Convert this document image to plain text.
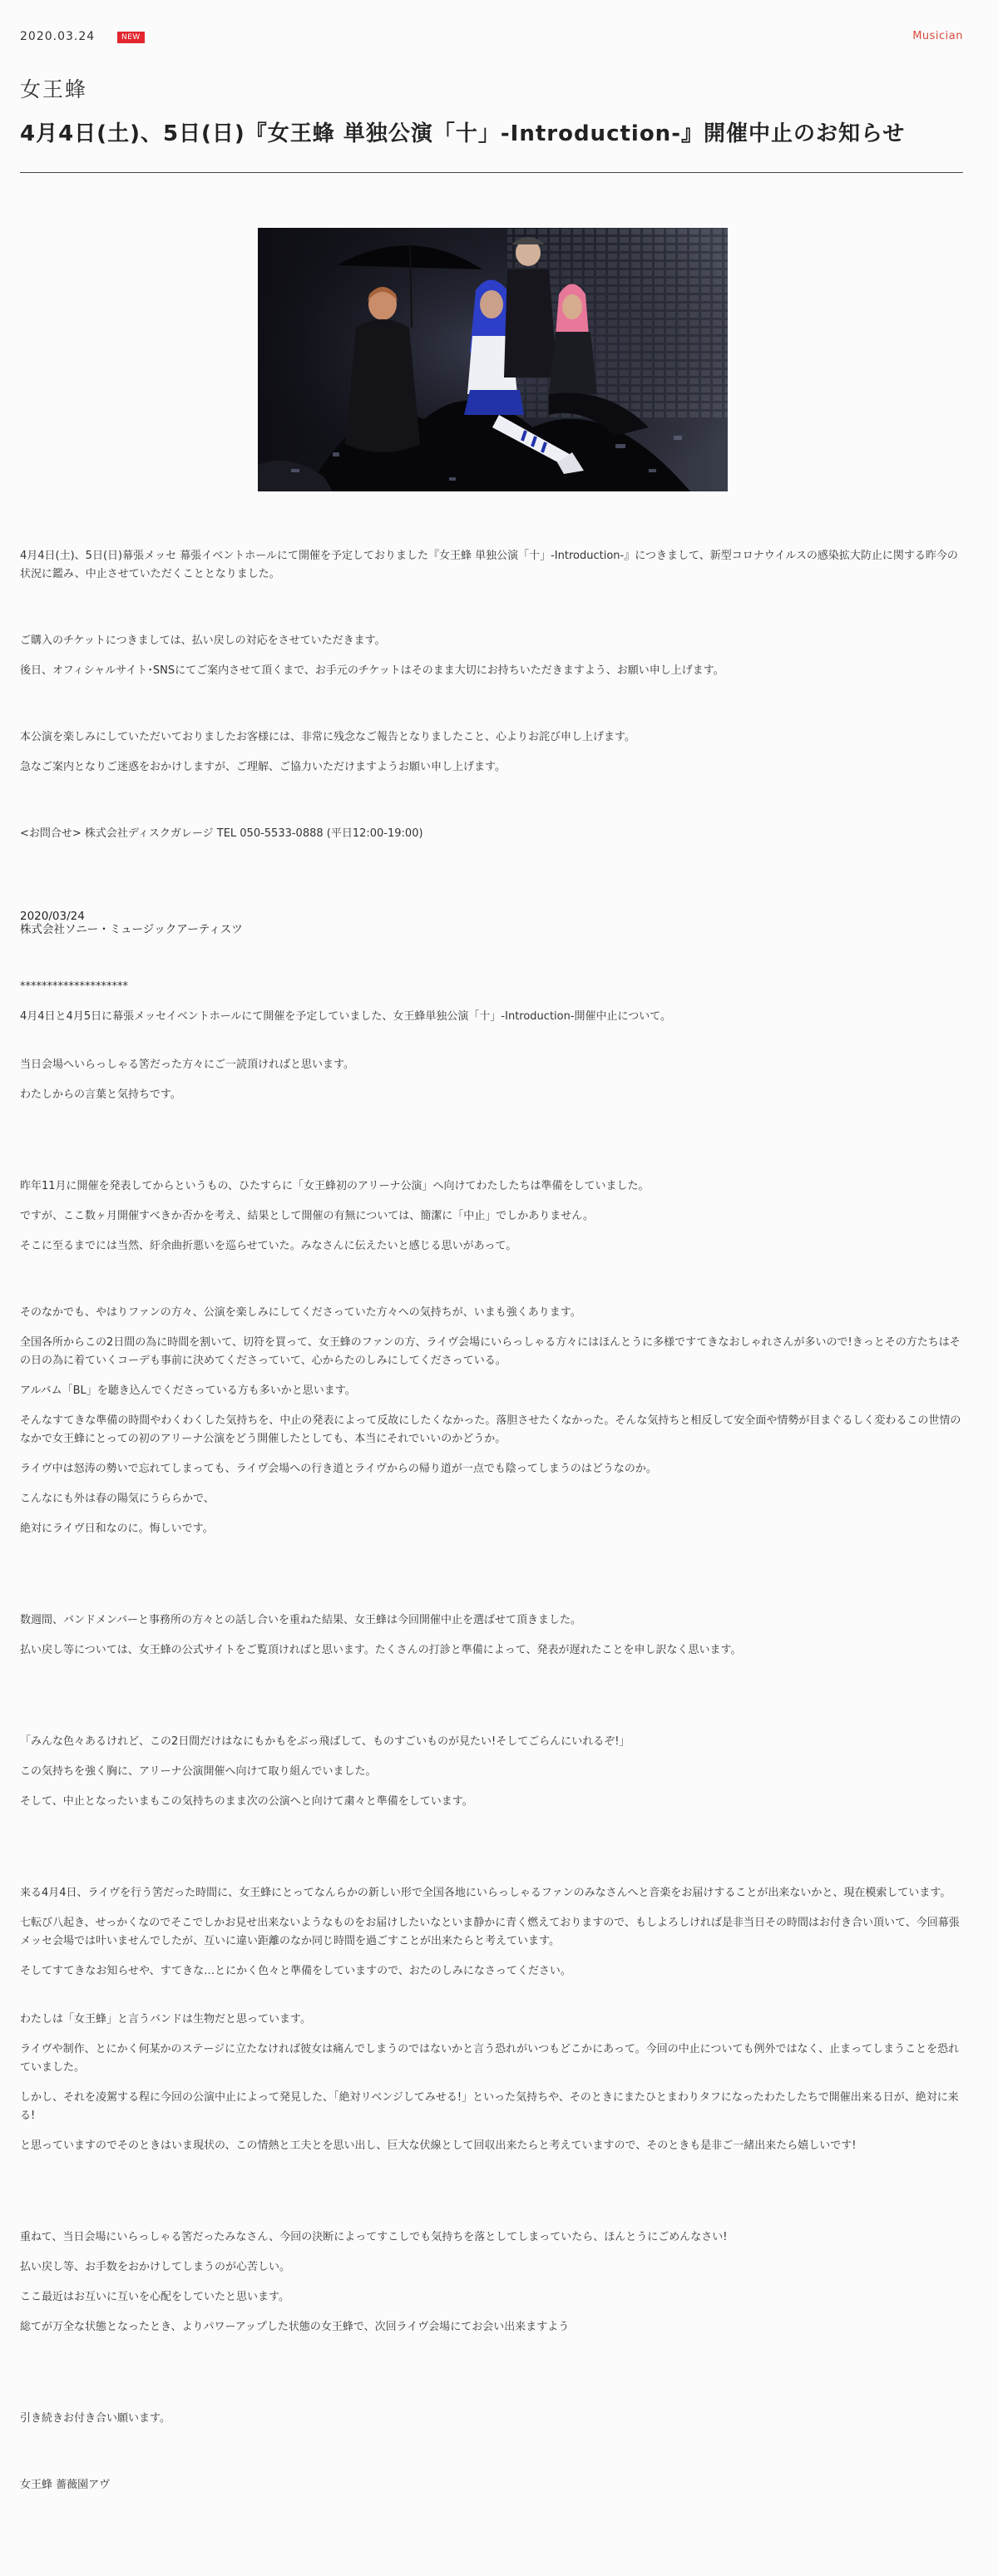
2020.03.24	NEW	Musician
女王蜂
4月4日(土)、5日(日)『女王蜂 単独公演「十」-Introduction-』開催中止のお知らせ

4月4日(土)、5日(日)幕張メッセ 幕張イベントホールにて開催を予定しておりました『女王蜂 単独公演「十」-Introduction-』につきまして、新型コロナウイルスの感染拡大防止に関する昨今の状況に鑑み、中止させていただくこととなりました。

ご購入のチケットにつきましては、払い戻しの対応をさせていただきます。

後日、オフィシャルサイト･SNSにてご案内させて頂くまで、お手元のチケットはそのまま大切にお持ちいただきますよう、お願い申し上げます。

本公演を楽しみにしていただいておりましたお客様には、非常に残念なご報告となりましたこと、心よりお詫び申し上げます。

急なご案内となりご迷惑をおかけしますが、ご理解、ご協力いただけますようお願い申し上げます。

<お問合せ> 株式会社ディスクガレージ TEL 050-5533-0888 (平日12:00-19:00)

2020/03/24
株式会社ソニー・ミュージックアーティスツ

********************

4月4日と4月5日に幕張メッセイベントホールにて開催を予定していました、女王蜂単独公演「十」-Introduction-開催中止について。

当日会場へいらっしゃる筈だった方々にご一読頂ければと思います。

わたしからの言葉と気持ちです。

昨年11月に開催を発表してからというもの、ひたすらに「女王蜂初のアリーナ公演」へ向けてわたしたちは準備をしていました。

ですが、ここ数ヶ月開催すべきか否かを考え、結果として開催の有無については、簡潔に「中止」でしかありません。

そこに至るまでには当然、紆余曲折悪いを巡らせていた。みなさんに伝えたいと感じる思いがあって。

そのなかでも、やはりファンの方々、公演を楽しみにしてくださっていた方々への気持ちが、いまも強くあります。

全国各所からこの2日間の為に時間を割いて、切符を買って、女王蜂のファンの方、ライヴ会場にいらっしゃる方々にはほんとうに多様ですてきなおしゃれさんが多いので!きっとその方たちはその日の為に着ていくコーデも事前に決めてくださっていて、心からたのしみにしてくださっている。

アルバム「BL」を聴き込んでくださっている方も多いかと思います。

そんなすてきな準備の時間やわくわくした気持ちを、中止の発表によって反故にしたくなかった。落胆させたくなかった。そんな気持ちと相反して安全面や情勢が目まぐるしく変わるこの世情のなかで女王蜂にとっての初のアリーナ公演をどう開催したとしても、本当にそれでいいのかどうか。

ライヴ中は怒涛の勢いで忘れてしまっても、ライヴ会場への行き道とライヴからの帰り道が一点でも陰ってしまうのはどうなのか。

こんなにも外は春の陽気にうららかで、

絶対にライヴ日和なのに。悔しいです。

数週間、バンドメンバーと事務所の方々との話し合いを重ねた結果、女王蜂は今回開催中止を選ばせて頂きました。

払い戻し等については、女王蜂の公式サイトをご覧頂ければと思います。たくさんの打診と準備によって、発表が遅れたことを申し訳なく思います。

「みんな色々あるけれど、この2日間だけはなにもかもをぶっ飛ばして、ものすごいものが見たい!そしてごらんにいれるぞ!」

この気持ちを強く胸に、アリーナ公演開催へ向けて取り組んでいました。

そして、中止となったいまもこの気持ちのまま次の公演へと向けて粛々と準備をしています。

来る4月4日、ライヴを行う筈だった時間に、女王蜂にとってなんらかの新しい形で全国各地にいらっしゃるファンのみなさんへと音楽をお届けすることが出来ないかと、現在模索しています。

七転び八起き、せっかくなのでそこでしかお見せ出来ないようなものをお届けしたいなといま静かに青く燃えておりますので、もしよろしければ是非当日その時間はお付き合い頂いて、今回幕張メッセ会場では叶いませんでしたが、互いに違い距離のなか同じ時間を過ごすことが出来たらと考えています。

そしてすてきなお知らせや、すてきな…とにかく色々と準備をしていますので、おたのしみになさってください。

わたしは「女王蜂」と言うバンドは生物だと思っています。

ライヴや制作、とにかく何某かのステージに立たなければ彼女は痛んでしまうのではないかと言う恐れがいつもどこかにあって。今回の中止についても例外ではなく、止まってしまうことを恐れていました。

しかし、それを凌駕する程に今回の公演中止によって発見した、「絶対リベンジしてみせる!」といった気持ちや、そのときにまたひとまわりタフになったわたしたちで開催出来る日が、絶対に来る!

と思っていますのでそのときはいま現状の、この情熱と工夫とを思い出し、巨大な伏線として回収出来たらと考えていますので、そのときも是非ご一緒出来たら嬉しいです!

重ねて、当日会場にいらっしゃる筈だったみなさん、今回の決断によってすこしでも気持ちを落としてしまっていたら、ほんとうにごめんなさい!

払い戻し等、お手数をおかけしてしまうのが心苦しい。

ここ最近はお互いに互いを心配をしていたと思います。

総てが万全な状態となったとき、よりパワーアップした状態の女王蜂で、次回ライヴ会場にてお会い出来ますよう

引き続きお付き合い願います。

女王蜂 薔薇園アヴ
